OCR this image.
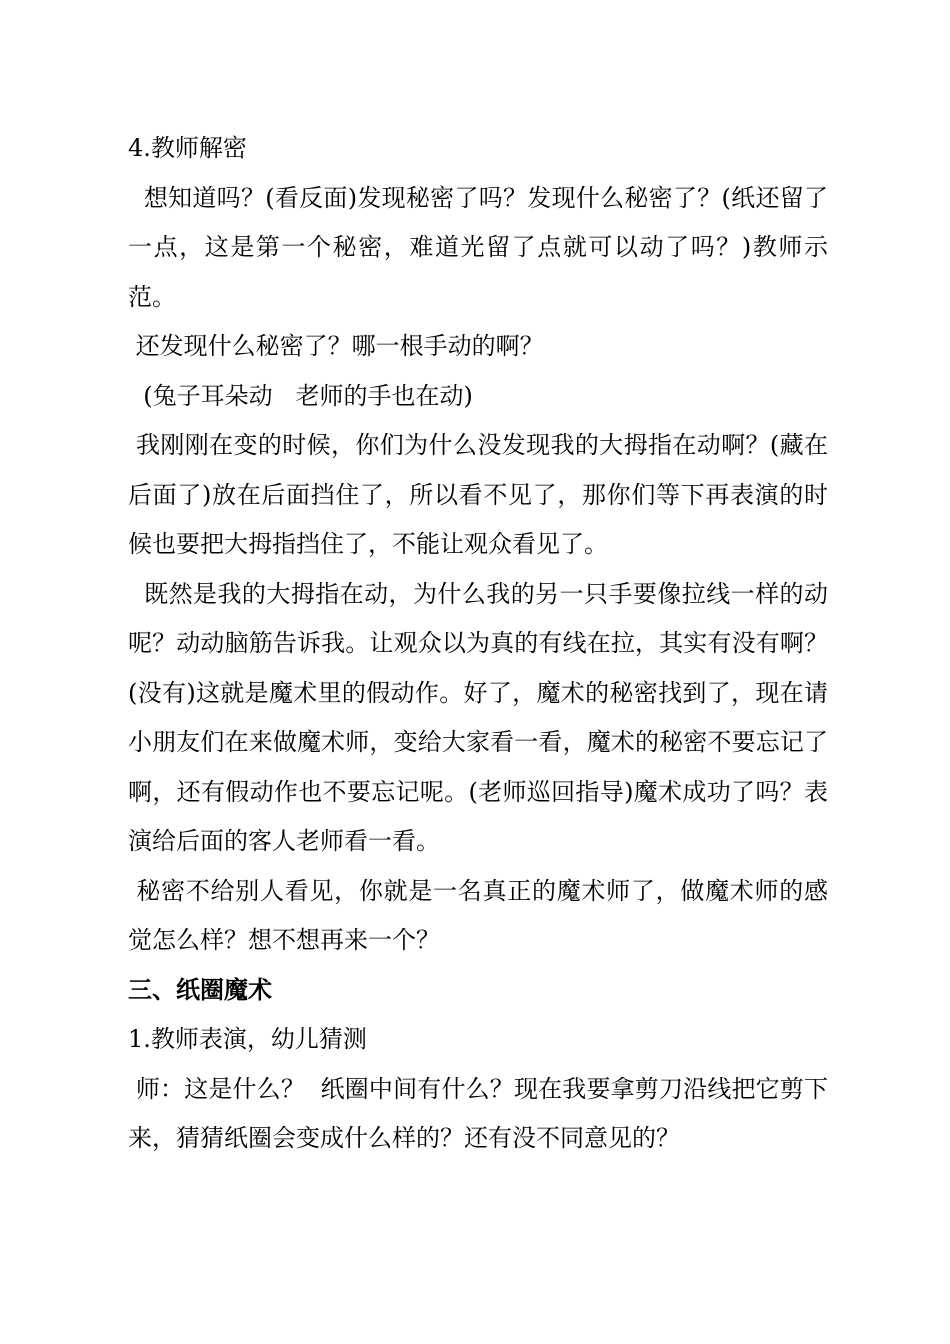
4.教师解密

想知道吗？(看反面)发现秘密了吗？发现什么秘密了？(纸还留了一点，这是第一个秘密，难道光留了点就可以动了吗？)教师示范。

还发现什么秘密了？哪一根手动的啊？

(兔子耳朵动   老师的手也在动)

我刚刚在变的时候，你们为什么没发现我的大拇指在动啊？(藏在后面了)放在后面挡住了，所以看不见了，那你们等下再表演的时候也要把大拇指挡住了，不能让观众看见了。

既然是我的大拇指在动，为什么我的另一只手要像拉线一样的动呢？动动脑筋告诉我。让观众以为真的有线在拉，其实有没有啊？(没有)这就是魔术里的假动作。好了，魔术的秘密找到了，现在请小朋友们在来做魔术师，变给大家看一看，魔术的秘密不要忘记了啊，还有假动作也不要忘记呢。(老师巡回指导)魔术成功了吗？表演给后面的客人老师看一看。

秘密不给别人看见，你就是一名真正的魔术师了，做魔术师的感觉怎么样？想不想再来一个？

三、纸圈魔术

1.教师表演，幼儿猜测

师：这是什么？  纸圈中间有什么？现在我要拿剪刀沿线把它剪下来，猜猜纸圈会变成什么样的？还有没不同意见的？
